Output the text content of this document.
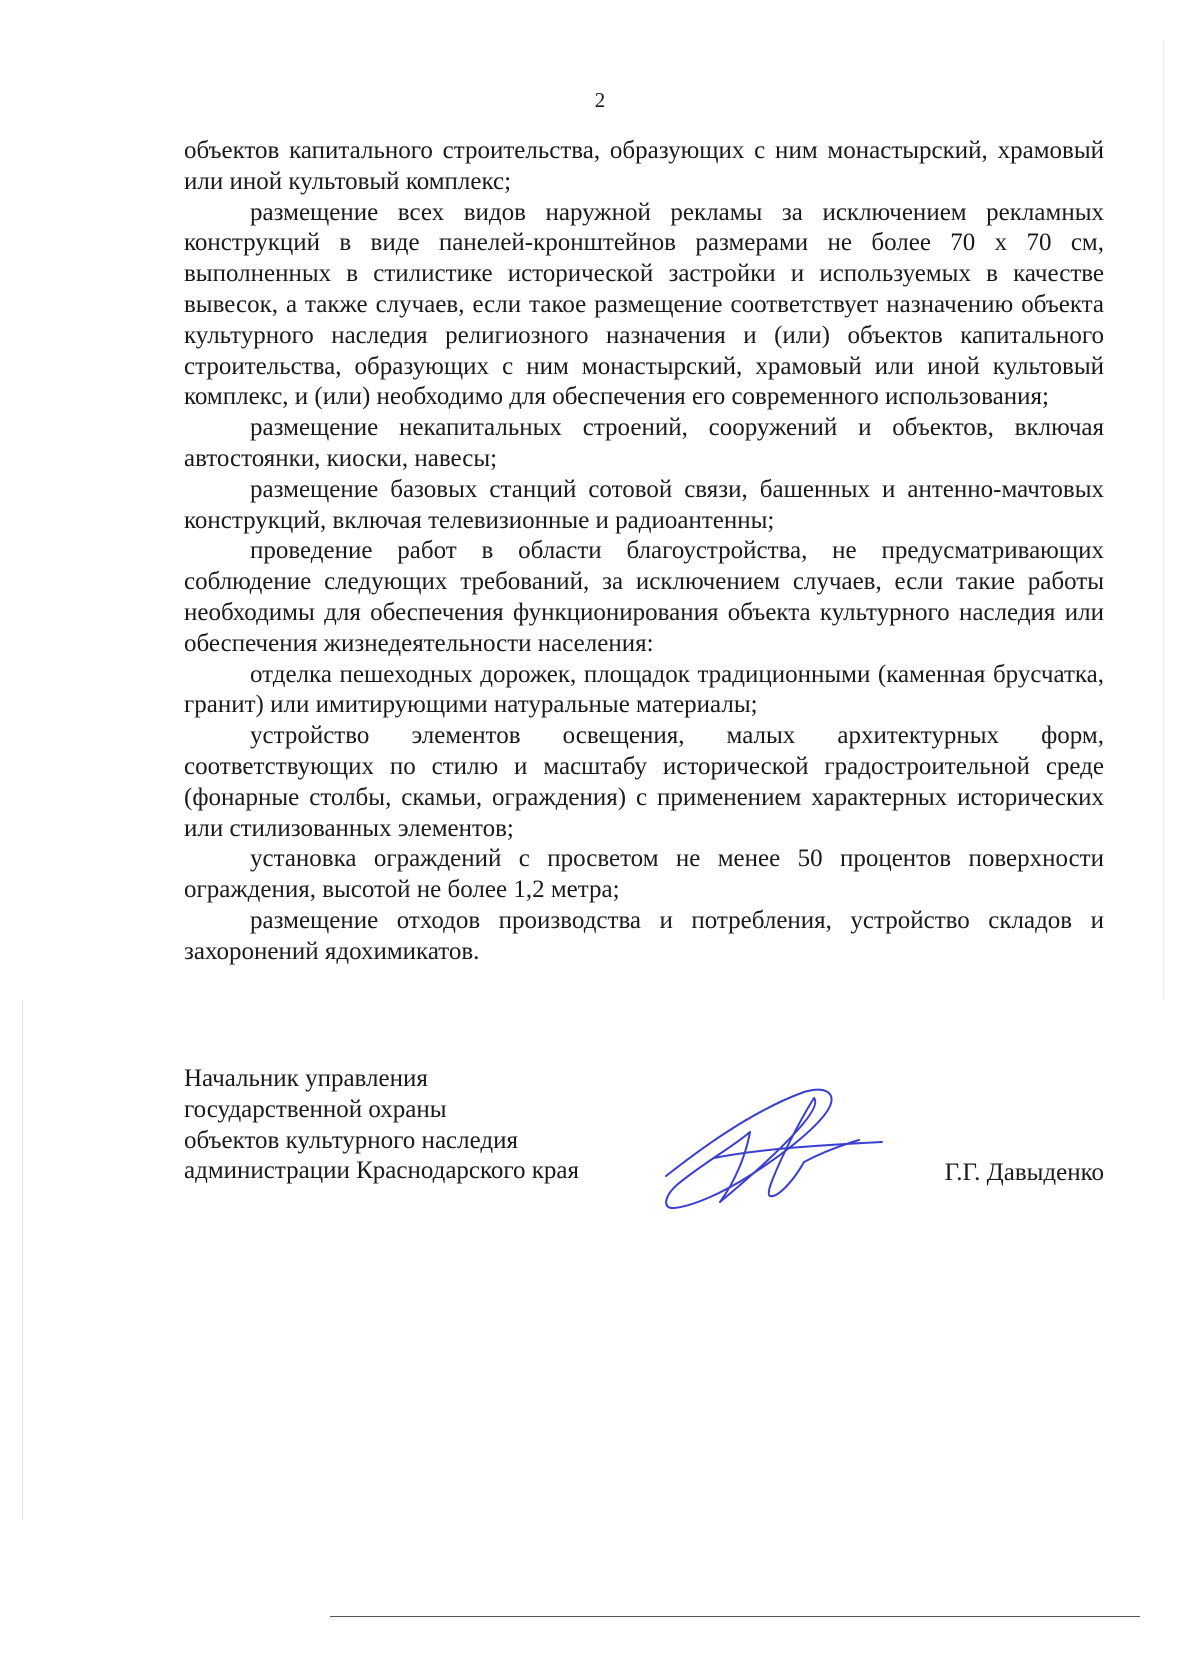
2

объектов капитального строительства, образующих с ним монастырский, храмовый или иной культовый комплекс;

размещение всех видов наружной рекламы за исключением рекламных конструкций в виде панелей-кронштейнов размерами не более 70 х 70 см, выполненных в стилистике исторической застройки и используемых в качестве вывесок, а также случаев, если такое размещение соответствует назначению объекта культурного наследия религиозного назначения и (или) объектов капитального строительства, образующих с ним монастырский, храмовый или иной культовый комплекс, и (или) необходимо для обеспечения его современного использования;

размещение некапитальных строений, сооружений и объектов, включая автостоянки, киоски, навесы;

размещение базовых станций сотовой связи, башенных и антенно-мачтовых конструкций, включая телевизионные и радиоантенны;

проведение работ в области благоустройства, не предусматривающих соблюдение следующих требований, за исключением случаев, если такие работы необходимы для обеспечения функционирования объекта культурного наследия или обеспечения жизнедеятельности населения:

отделка пешеходных дорожек, площадок традиционными (каменная брусчатка, гранит) или имитирующими натуральные материалы;

устройство элементов освещения, малых архитектурных форм, соответствующих по стилю и масштабу исторической градостроительной среде (фонарные столбы, скамьи, ограждения) с применением характерных исторических или стилизованных элементов;

установка ограждений с просветом не менее 50 процентов поверхности ограждения, высотой не более 1,2 метра;

размещение отходов производства и потребления, устройство складов и захоронений ядохимикатов.

Начальник управления
государственной охраны
объектов культурного наследия
администрации Краснодарского края	Г.Г. Давыденко
